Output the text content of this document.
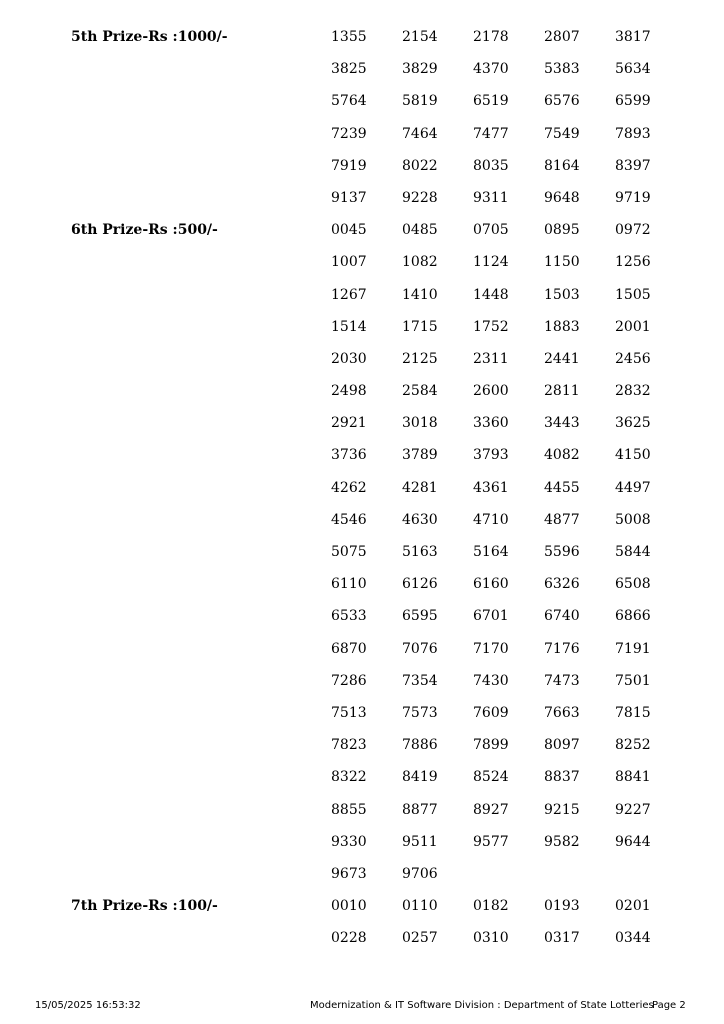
5th Prize-Rs :1000/-	1355	2154	2178	2807	3817
3825	3829	4370	5383	5634
5764	5819	6519	6576	6599
7239	7464	7477	7549	7893
7919	8022	8035	8164	8397
9137	9228	9311	9648	9719
6th Prize-Rs :500/-	0045	0485	0705	0895	0972
1007	1082	1124	1150	1256
1267	1410	1448	1503	1505
1514	1715	1752	1883	2001
2030	2125	2311	2441	2456
2498	2584	2600	2811	2832
2921	3018	3360	3443	3625
3736	3789	3793	4082	4150
4262	4281	4361	4455	4497
4546	4630	4710	4877	5008
5075	5163	5164	5596	5844
6110	6126	6160	6326	6508
6533	6595	6701	6740	6866
6870	7076	7170	7176	7191
7286	7354	7430	7473	7501
7513	7573	7609	7663	7815
7823	7886	7899	8097	8252
8322	8419	8524	8837	8841
8855	8877	8927	9215	9227
9330	9511	9577	9582	9644
9673	9706
7th Prize-Rs :100/-	0010	0110	0182	0193	0201
0228	0257	0310	0317	0344
15/05/2025 16:53:32	Modernization & IT Software Division : Department of State Lotteries
Page 2
